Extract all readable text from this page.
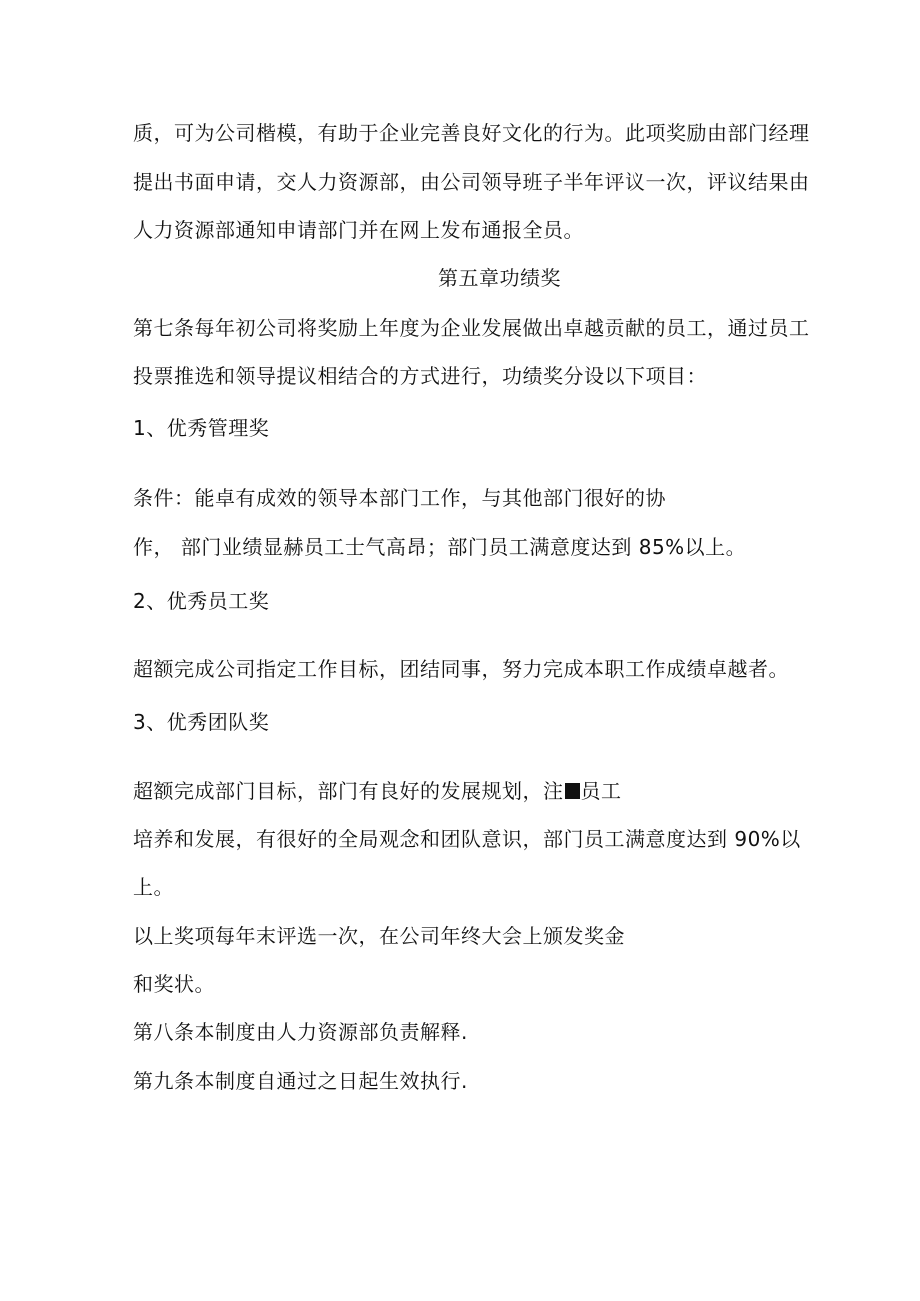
质，可为公司楷模，有助于企业完善良好文化的行为。此项奖励由部门经理
提出书面申请，交人力资源部，由公司领导班子半年评议一次，评议结果由
人力资源部通知申请部门并在网上发布通报全员。
第五章功绩奖
第七条每年初公司将奖励上年度为企业发展做出卓越贡献的员工，通过员工
投票推选和领导提议相结合的方式进行，功绩奖分设以下项目：
1、优秀管理奖
条件：能卓有成效的领导本部门工作，与其他部门很好的协
作， 部门业绩显赫员工士气高昂；部门员工满意度达到 85%以上。
2、优秀员工奖
超额完成公司指定工作目标，团结同事，努力完成本职工作成绩卓越者。
3、优秀团队奖
超额完成部门目标，部门有良好的发展规划，注 员工
培养和发展，有很好的全局观念和团队意识，部门员工满意度达到 90%以
上。
以上奖项每年末评选一次，在公司年终大会上颁发奖金
和奖状。
第八条本制度由人力资源部负责解释.
第九条本制度自通过之日起生效执行.
